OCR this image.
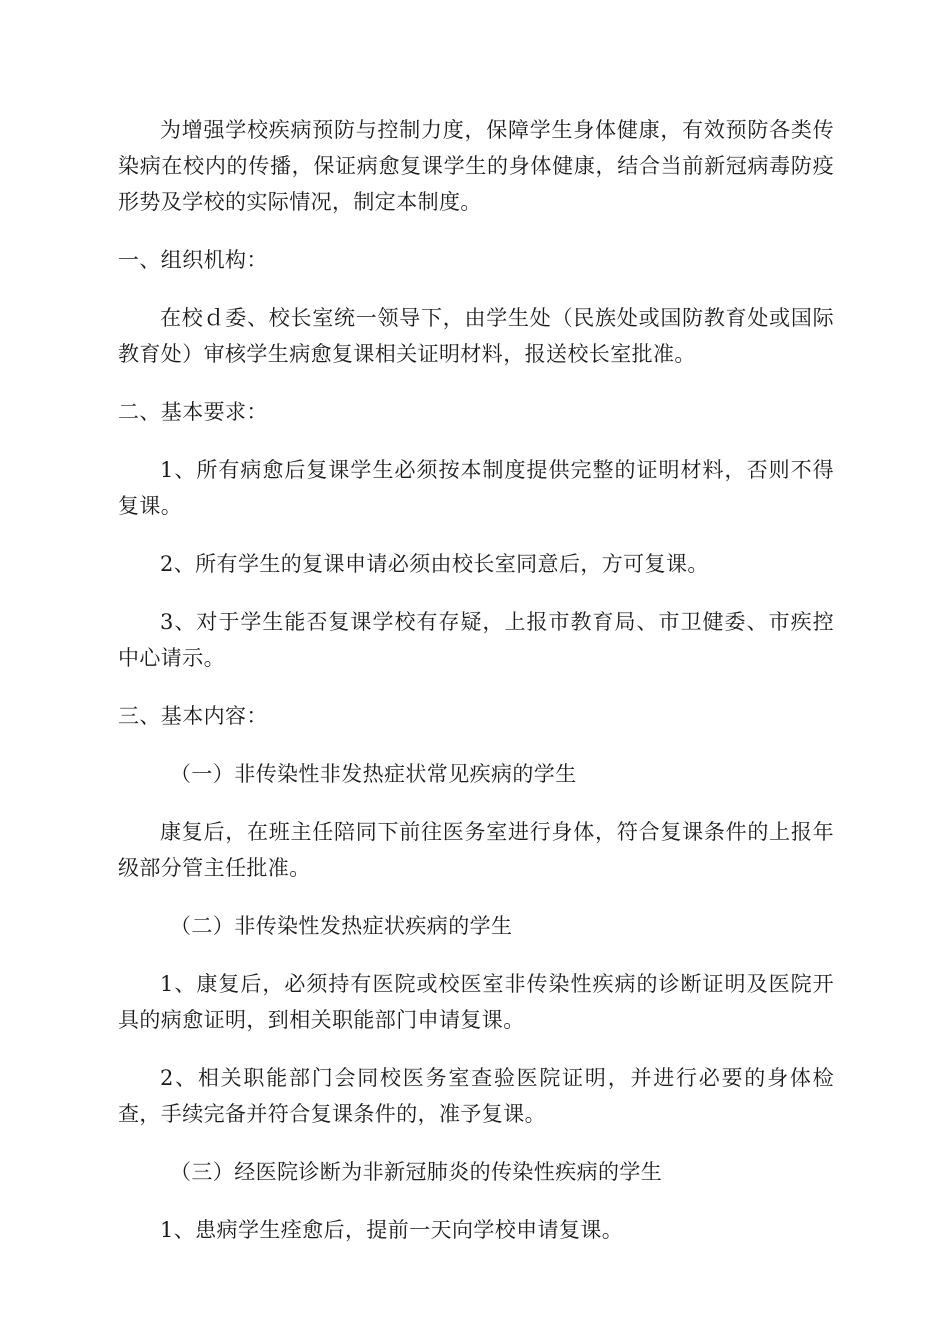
为增强学校疾病预防与控制力度，保障学生身体健康，有效预防各类传染病在校内的传播，保证病愈复课学生的身体健康，结合当前新冠病毒防疫形势及学校的实际情况，制定本制度。

一、组织机构：

在校ｄ委、校长室统一领导下，由学生处（民族处或国防教育处或国际教育处）审核学生病愈复课相关证明材料，报送校长室批准。

二、基本要求：

1、所有病愈后复课学生必须按本制度提供完整的证明材料，否则不得复课。

2、所有学生的复课申请必须由校长室同意后，方可复课。

3、对于学生能否复课学校有存疑，上报市教育局、市卫健委、市疾控中心请示。

三、基本内容：

（一）非传染性非发热症状常见疾病的学生

康复后，在班主任陪同下前往医务室进行身体，符合复课条件的上报年级部分管主任批准。

（二）非传染性发热症状疾病的学生

1、康复后，必须持有医院或校医室非传染性疾病的诊断证明及医院开具的病愈证明，到相关职能部门申请复课。

2、相关职能部门会同校医务室查验医院证明，并进行必要的身体检查，手续完备并符合复课条件的，准予复课。

（三）经医院诊断为非新冠肺炎的传染性疾病的学生

1、患病学生痊愈后，提前一天向学校申请复课。
